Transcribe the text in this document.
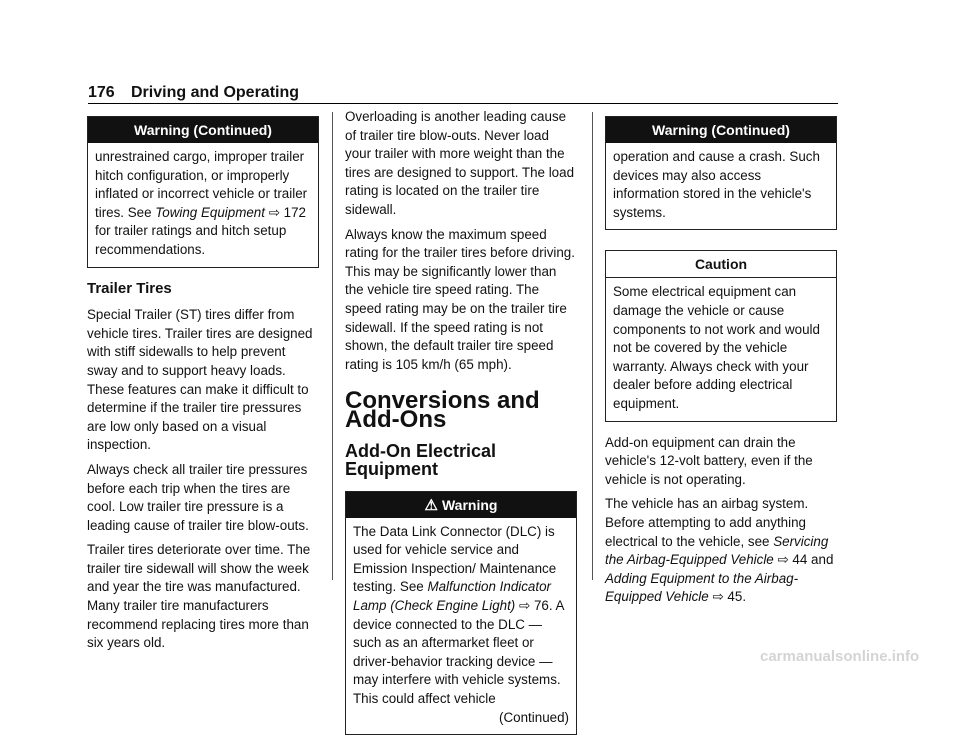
176 Driving and Operating
Warning (Continued)
unrestrained cargo, improper trailer hitch configuration, or improperly inflated or incorrect vehicle or trailer tires. See Towing Equipment ⇨ 172 for trailer ratings and hitch setup recommendations.
Trailer Tires

Special Trailer (ST) tires differ from vehicle tires. Trailer tires are designed with stiff sidewalls to help prevent sway and to support heavy loads. These features can make it difficult to determine if the trailer tire pressures are low only based on a visual inspection.

Always check all trailer tire pressures before each trip when the tires are cool. Low trailer tire pressure is a leading cause of trailer tire blow-outs.

Trailer tires deteriorate over time. The trailer tire sidewall will show the week and year the tire was manufactured. Many trailer tire manufacturers recommend replacing tires more than six years old.

Overloading is another leading cause of trailer tire blow-outs. Never load your trailer with more weight than the tires are designed to support. The load rating is located on the trailer tire sidewall.

Always know the maximum speed rating for the trailer tires before driving. This may be significantly lower than the vehicle tire speed rating. The speed rating may be on the trailer tire sidewall. If the speed rating is not shown, the default trailer tire speed rating is 105 km/h (65 mph).

Conversions and Add-Ons
Add-On Electrical Equipment
⚠ Warning
The Data Link Connector (DLC) is used for vehicle service and Emission Inspection/ Maintenance testing. See Malfunction Indicator Lamp (Check Engine Light) ⇨ 76. A device connected to the DLC — such as an aftermarket fleet or driver-behavior tracking device — may interfere with vehicle systems. This could affect vehicle
(Continued)
Warning (Continued)
operation and cause a crash. Such devices may also access information stored in the vehicle's systems.
Caution
Some electrical equipment can damage the vehicle or cause components to not work and would not be covered by the vehicle warranty. Always check with your dealer before adding electrical equipment.

Add-on equipment can drain the vehicle's 12-volt battery, even if the vehicle is not operating.

The vehicle has an airbag system. Before attempting to add anything electrical to the vehicle, see Servicing the Airbag-Equipped Vehicle ⇨ 44 and Adding Equipment to the Airbag-Equipped Vehicle ⇨ 45.

carmanualsonline.info
